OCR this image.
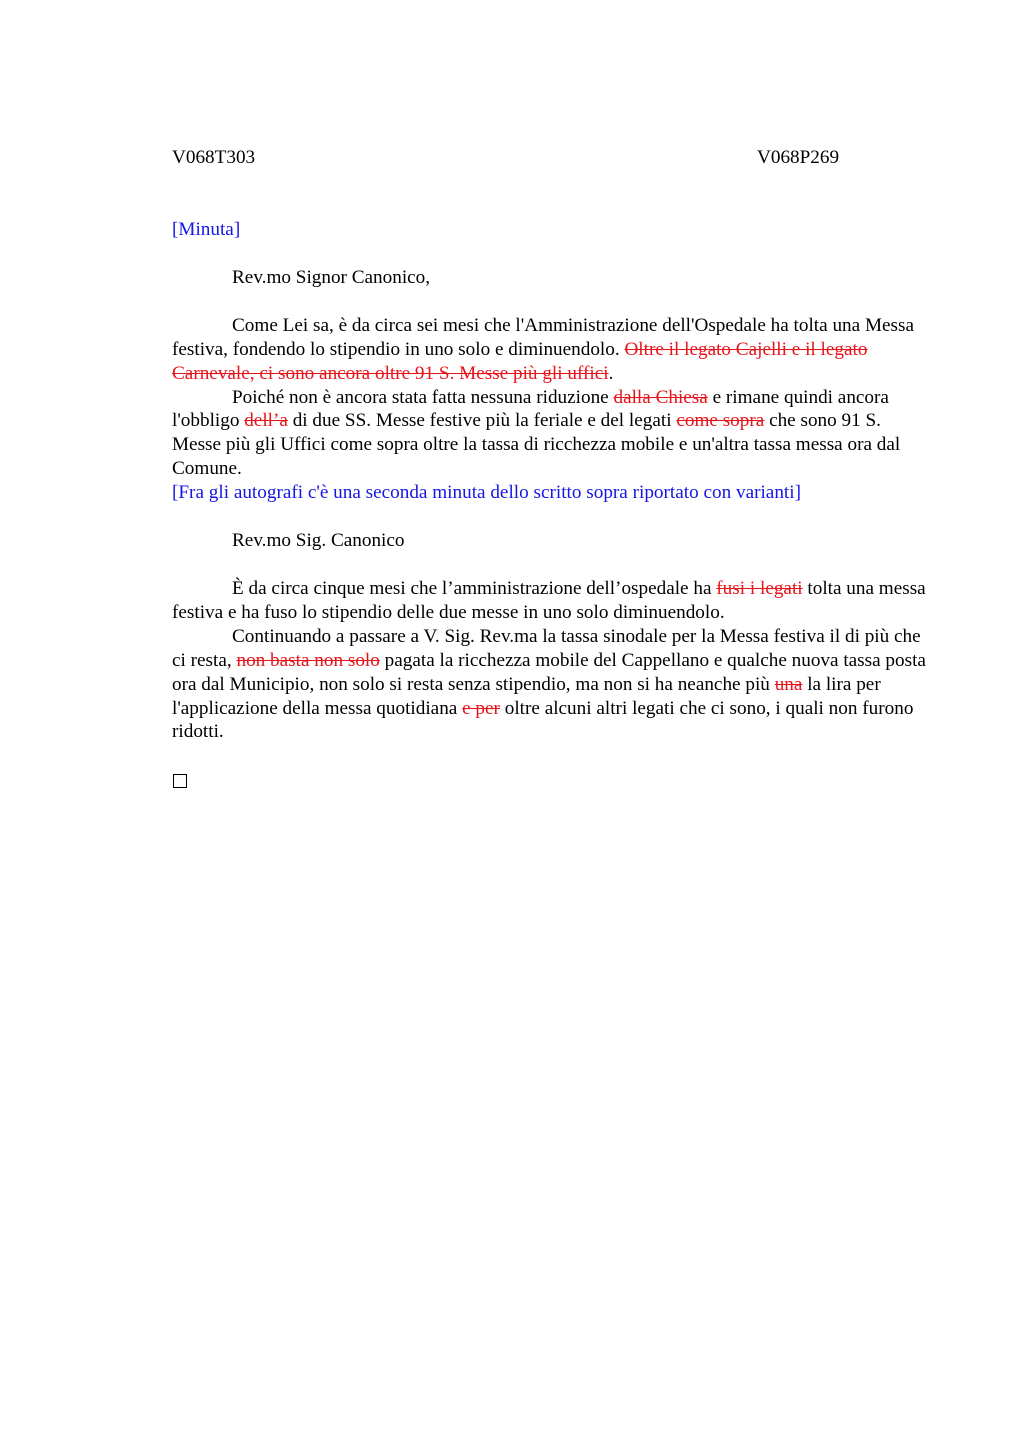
V068T303	V068P269

[Minuta]

Rev.mo Signor Canonico,

Come Lei sa, è da circa sei mesi che l'Amministrazione dell'Ospedale ha tolta una Messa festiva, fondendo lo stipendio in uno solo e diminuendolo. Oltre il legato Cajelli e il legato Carnevale, ci sono ancora oltre 91 S. Messe più gli uffici.

Poiché non è ancora stata fatta nessuna riduzione dalla Chiesa e rimane quindi ancora l'obbligo dell’a di due SS. Messe festive più la feriale e del legati come sopra che sono 91 S. Messe più gli Uffici come sopra oltre la tassa di ricchezza mobile e un'altra tassa messa ora dal Comune.

[Fra gli autografi c'è una seconda minuta dello scritto sopra riportato con varianti]

Rev.mo Sig. Canonico

È da circa cinque mesi che l’amministrazione dell’ospedale ha fusi i legati tolta una messa festiva e ha fuso lo stipendio delle due messe in uno solo diminuendolo.

Continuando a passare a V. Sig. Rev.ma la tassa sinodale per la Messa festiva il di più che ci resta, non basta non solo pagata la ricchezza mobile del Cappellano e qualche nuova tassa posta ora dal Municipio, non solo si resta senza stipendio, ma non si ha neanche più una la lira per l'applicazione della messa quotidiana e per oltre alcuni altri legati che ci sono, i quali non furono ridotti.
